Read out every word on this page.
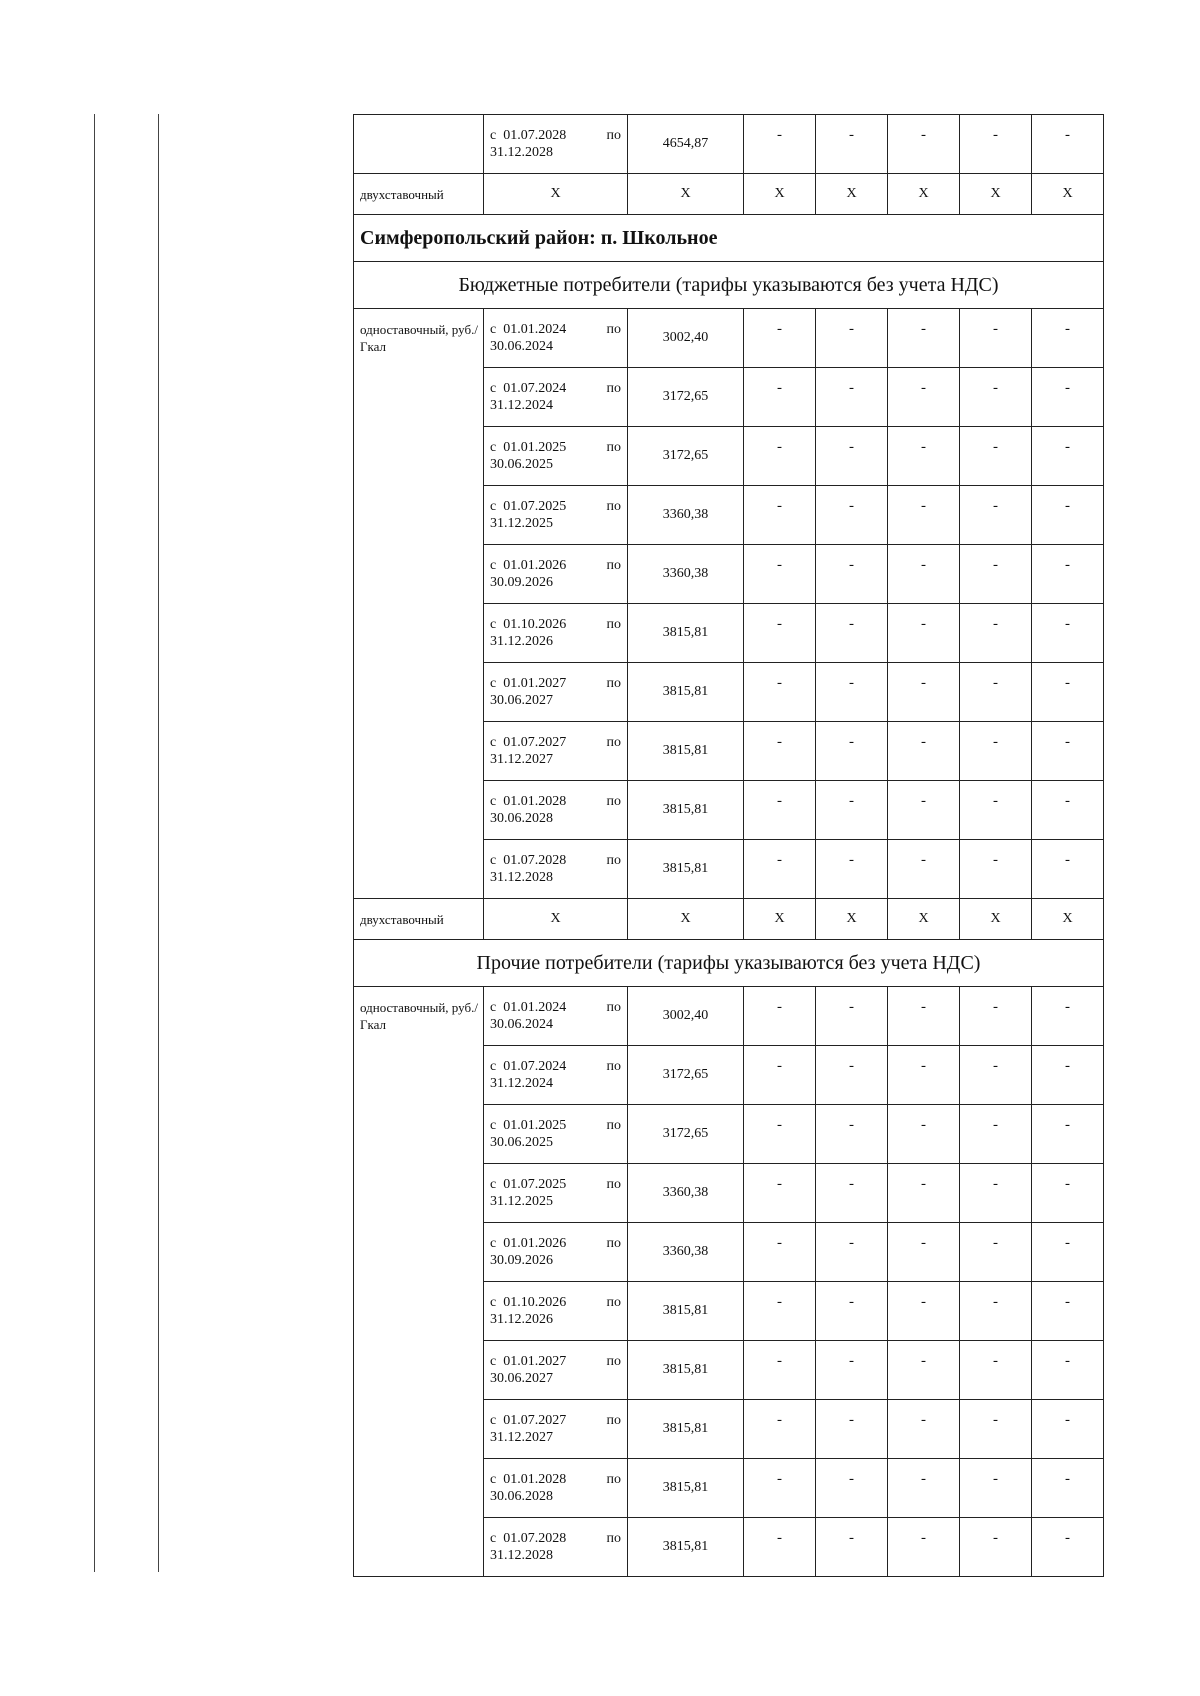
	с 01.07.2028 по
31.12.2028	4654,87	-	-	-	-	-
двухставочный	Х	Х	Х	Х	Х	Х	Х
Симферопольский район: п. Школьное							
Бюджетные потребители (тарифы указываются без учета НДС)							
одноставочный, руб./Гкал	с 01.01.2024 по
30.06.2024	3002,40	-	-	-	-	-

	с 01.07.2024 по
31.12.2024	3172,65	-	-	-	-	-

	с 01.01.2025 по
30.06.2025	3172,65	-	-	-	-	-

	с 01.07.2025 по
31.12.2025	3360,38	-	-	-	-	-

	с 01.01.2026 по
30.09.2026	3360,38	-	-	-	-	-

	с 01.10.2026 по
31.12.2026	3815,81	-	-	-	-	-

	с 01.01.2027 по
30.06.2027	3815,81	-	-	-	-	-

	с 01.07.2027 по
31.12.2027	3815,81	-	-	-	-	-

	с 01.01.2028 по
30.06.2028	3815,81	-	-	-	-	-

	с 01.07.2028 по
31.12.2028	3815,81	-	-	-	-	-
двухставочный	Х	Х	Х	Х	Х	Х	Х
Прочие потребители (тарифы указываются без учета НДС)							
одноставочный, руб./Гкал	с 01.01.2024 по
30.06.2024	3002,40	-	-	-	-	-

	с 01.07.2024 по
31.12.2024	3172,65	-	-	-	-	-

	с 01.01.2025 по
30.06.2025	3172,65	-	-	-	-	-

	с 01.07.2025 по
31.12.2025	3360,38	-	-	-	-	-

	с 01.01.2026 по
30.09.2026	3360,38	-	-	-	-	-

	с 01.10.2026 по
31.12.2026	3815,81	-	-	-	-	-

	с 01.01.2027 по
30.06.2027	3815,81	-	-	-	-	-

	с 01.07.2027 по
31.12.2027	3815,81	-	-	-	-	-

	с 01.01.2028 по
30.06.2028	3815,81	-	-	-	-	-

	с 01.07.2028 по
31.12.2028	3815,81	-	-	-	-	-
